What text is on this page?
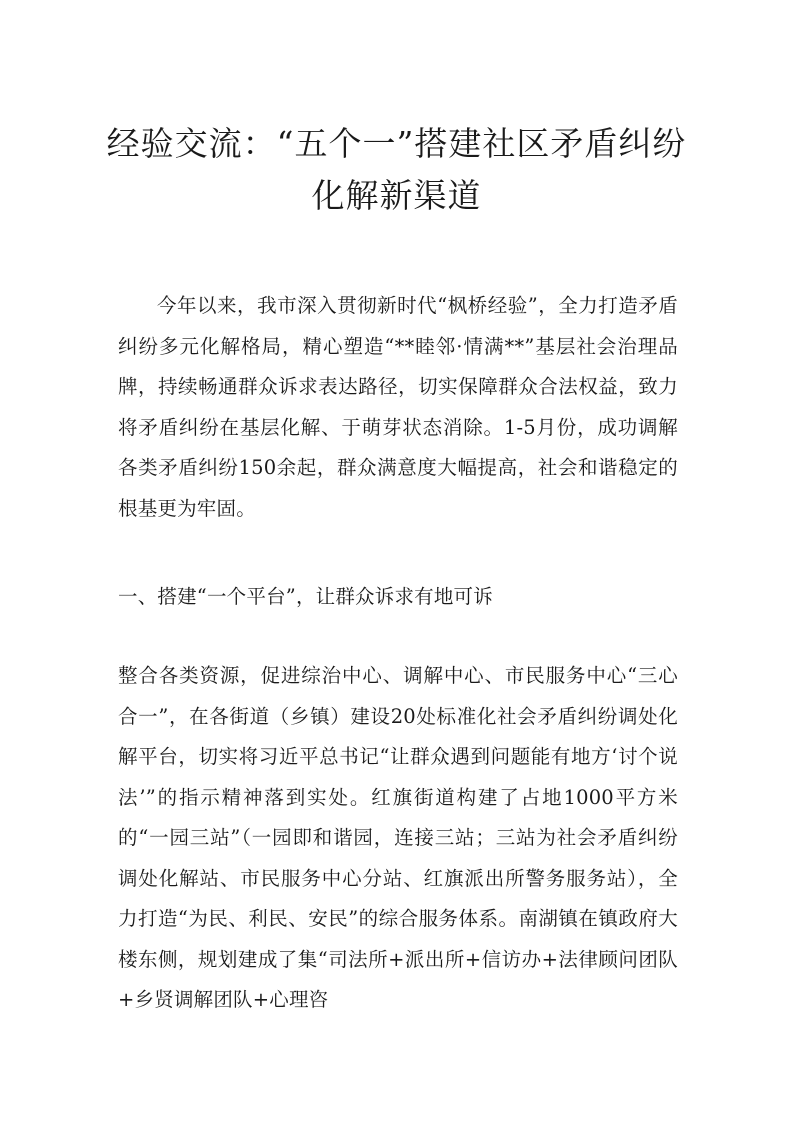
经验交流：“五个一”搭建社区矛盾纠纷化解新渠道
今年以来，我市深入贯彻新时代“枫桥经验”，全力打造矛盾纠纷多元化解格局，精心塑造“**睦邻·情满**”基层社会治理品牌，持续畅通群众诉求表达路径，切实保障群众合法权益，致力将矛盾纠纷在基层化解、于萌芽状态消除。1-5月份，成功调解各类矛盾纠纷150余起，群众满意度大幅提高，社会和谐稳定的根基更为牢固。
一、搭建“一个平台”，让群众诉求有地可诉
整合各类资源，促进综治中心、调解中心、市民服务中心“三心合一”，在各街道（乡镇）建设20处标准化社会矛盾纠纷调处化解平台，切实将习近平总书记“让群众遇到问题能有地方‘讨个说法’”的指示精神落到实处。红旗街道构建了占地1000平方米的“一园三站”（一园即和谐园，连接三站；三站为社会矛盾纠纷调处化解站、市民服务中心分站、红旗派出所警务服务站），全力打造“为民、利民、安民”的综合服务体系。南湖镇在镇政府大楼东侧，规划建成了集“司法所+派出所+信访办+法律顾问团队+乡贤调解团队+心理咨
